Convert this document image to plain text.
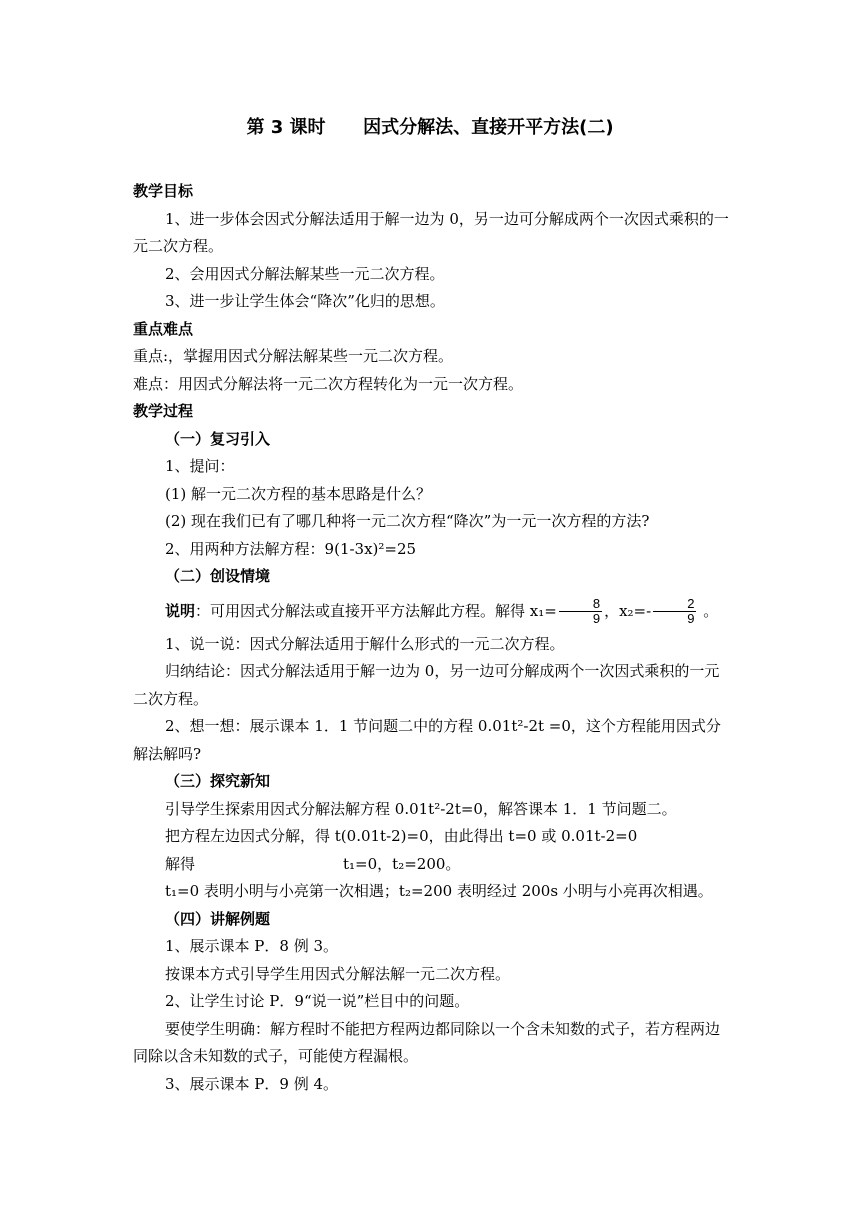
第 3 课时      因式分解法、直接开平方法(二)

教学目标

1、进一步体会因式分解法适用于解一边为 0，另一边可分解成两个一次因式乘积的一元二次方程。

2、会用因式分解法解某些一元二次方程。

3、进一步让学生体会“降次”化归的思想。

重点难点

重点:，掌握用因式分解法解某些一元二次方程。

难点：用因式分解法将一元二次方程转化为一元一次方程。

教学过程

（一）复习引入

1、提问：

(1) 解一元二次方程的基本思路是什么？

(2) 现在我们已有了哪几种将一元二次方程“降次”为一元一次方程的方法?

2、用两种方法解方程：9(1-3x)²=25

（二）创设情境

说明：可用因式分解法或直接开平方法解此方程。解得 $x_1= \frac{8}{9}$ ，$x_2=- \frac{2}{9}$ 。

1、说一说：因式分解法适用于解什么形式的一元二次方程。

归纳结论：因式分解法适用于解一边为 0，另一边可分解成两个一次因式乘积的一元二次方程。

2、想一想：展示课本 1．1 节问题二中的方程 0.01t²-2t =0，这个方程能用因式分解法解吗?

（三）探究新知

引导学生探索用因式分解法解方程 0.01t²-2t=0，解答课本 1．1 节问题二。

把方程左边因式分解，得 t(0.01t-2)=0，由此得出 t=0 或 0.01t-2=0

解得	t₁=0，t₂=200。

t₁=0 表明小明与小亮第一次相遇；t₂=200 表明经过 200s 小明与小亮再次相遇。

（四）讲解例题

1、展示课本 P．8 例 3。

按课本方式引导学生用因式分解法解一元二次方程。

2、让学生讨论 P．9“说一说”栏目中的问题。

要使学生明确：解方程时不能把方程两边都同除以一个含未知数的式子，若方程两边同除以含未知数的式子，可能使方程漏根。

3、展示课本 P．9 例 4。
